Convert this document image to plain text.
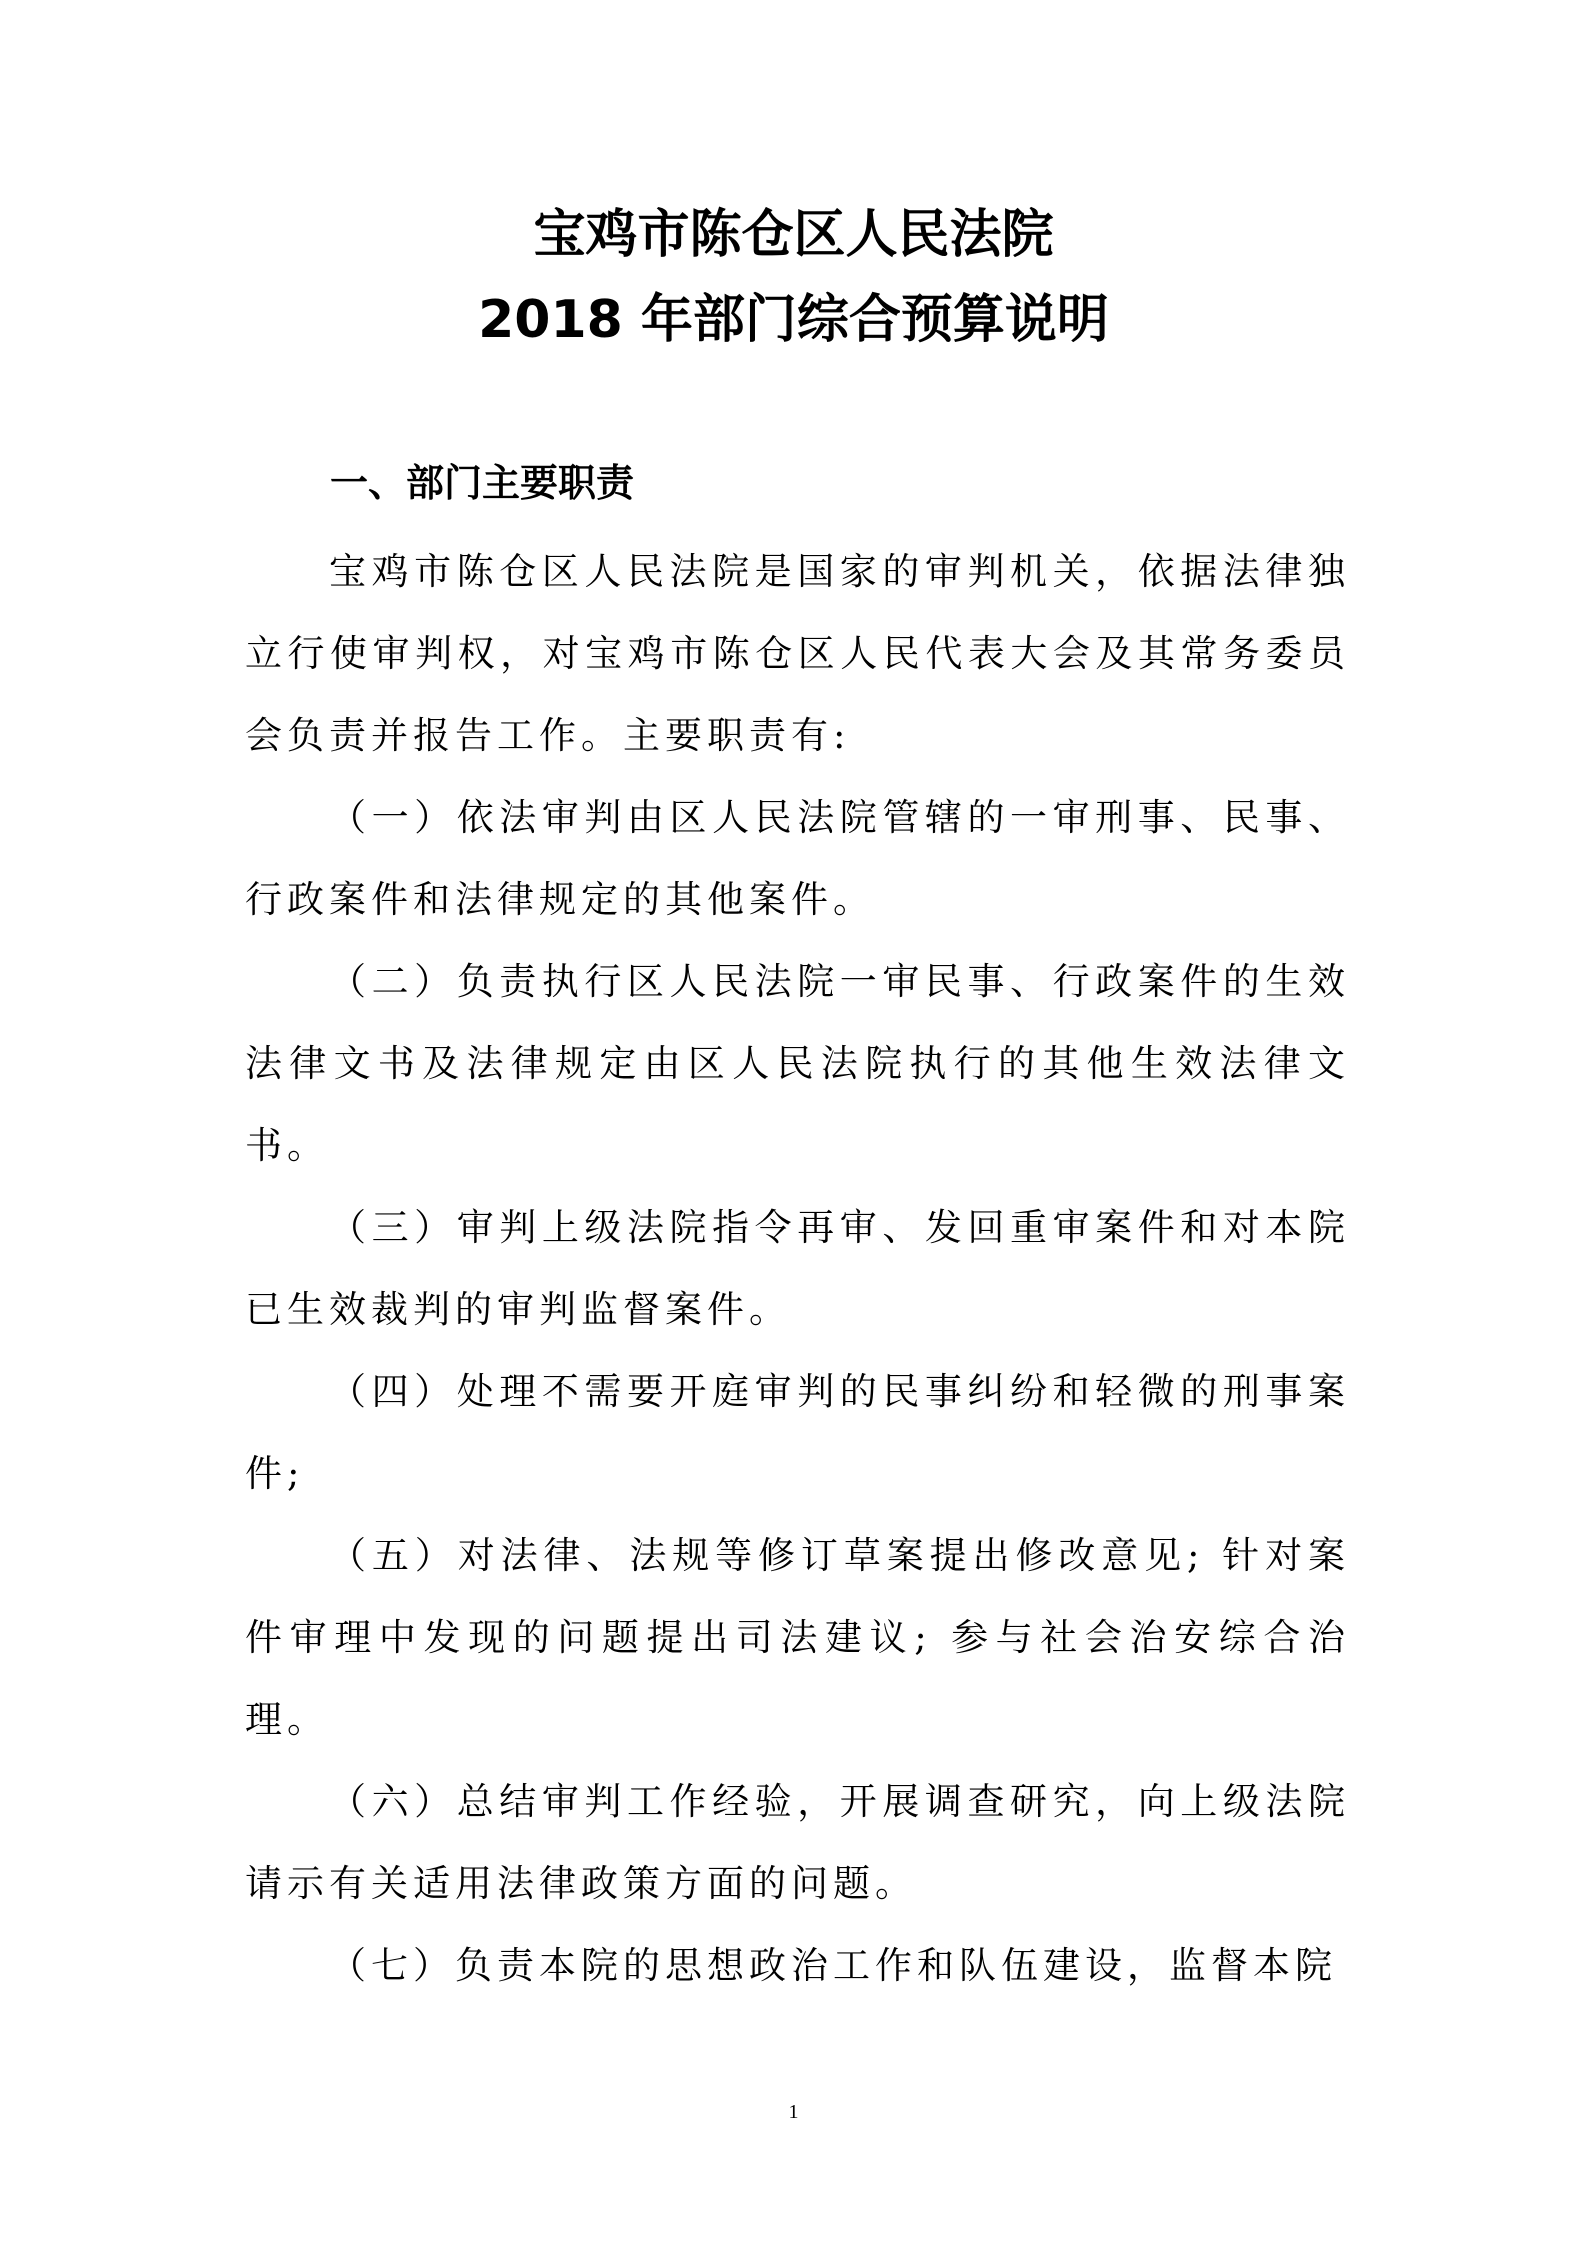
宝鸡市陈仓区人民法院
2018 年部门综合预算说明
一、部门主要职责
宝鸡市陈仓区人民法院是国家的审判机关，依据法律独立行使审判权，对宝鸡市陈仓区人民代表大会及其常务委员会负责并报告工作。主要职责有:
（一）依法审判由区人民法院管辖的一审刑事、民事、行政案件和法律规定的其他案件。
（二）负责执行区人民法院一审民事、行政案件的生效法律文书及法律规定由区人民法院执行的其他生效法律文书。
（三）审判上级法院指令再审、发回重审案件和对本院已生效裁判的审判监督案件。
（四）处理不需要开庭审判的民事纠纷和轻微的刑事案件;
（五）对法律、法规等修订草案提出修改意见; 针对案件审理中发现的问题提出司法建议; 参与社会治安综合治理。
（六）总结审判工作经验，开展调查研究，向上级法院请示有关适用法律政策方面的问题。
（七）负责本院的思想政治工作和队伍建设，监督本院
1
